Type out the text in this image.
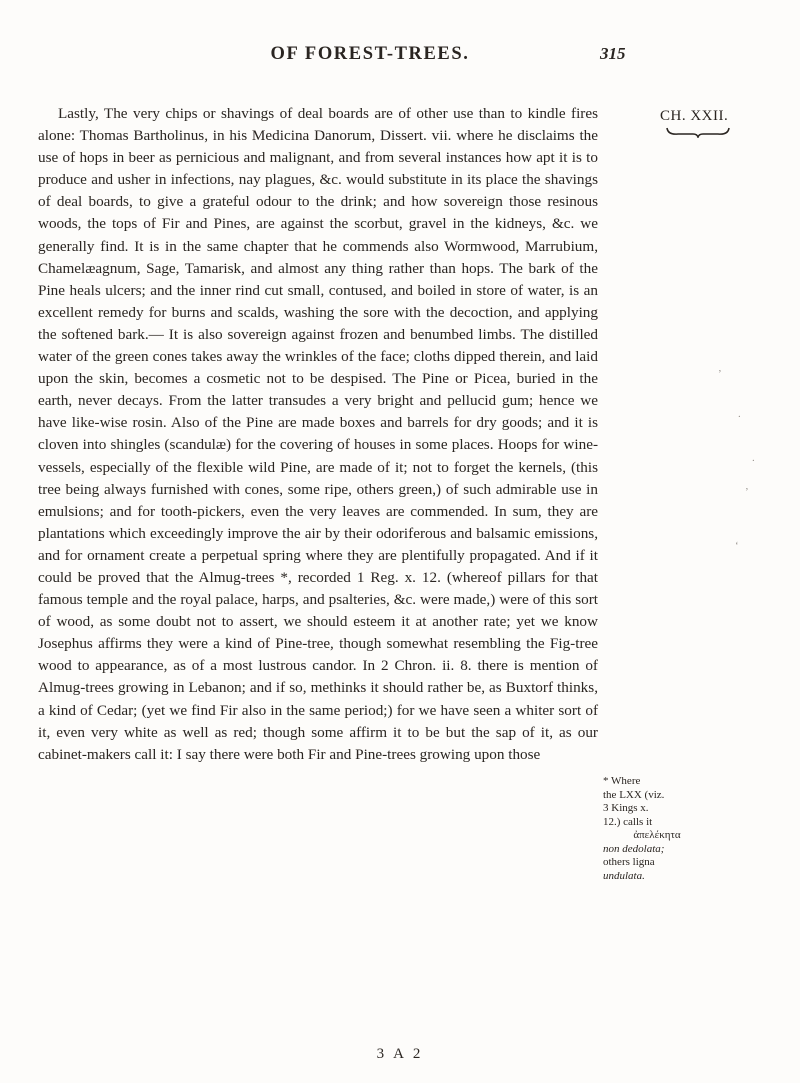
OF FOREST-TREES.	315
CH. XXII.

Lastly, The very chips or shavings of deal boards are of other use than to kindle fires alone: Thomas Bartholinus, in his Medicina Danorum, Dissert. vii. where he disclaims the use of hops in beer as pernicious and malignant, and from several instances how apt it is to produce and usher in infections, nay plagues, &c. would substitute in its place the shavings of deal boards, to give a grateful odour to the drink; and how sovereign those resinous woods, the tops of Fir and Pines, are against the scorbut, gravel in the kidneys, &c. we generally find. It is in the same chapter that he commends also Wormwood, Marrubium, Chamelæagnum, Sage, Tamarisk, and almost any thing rather than hops. The bark of the Pine heals ulcers; and the inner rind cut small, contused, and boiled in store of water, is an excellent remedy for burns and scalds, washing the sore with the decoction, and applying the softened bark.— It is also sovereign against frozen and benumbed limbs. The distilled water of the green cones takes away the wrinkles of the face; cloths dipped therein, and laid upon the skin, becomes a cosmetic not to be despised. The Pine or Picea, buried in the earth, never decays. From the latter transudes a very bright and pellucid gum; hence we have like-wise rosin. Also of the Pine are made boxes and barrels for dry goods; and it is cloven into shingles (scandulæ) for the covering of houses in some places. Hoops for wine-vessels, especially of the flexible wild Pine, are made of it; not to forget the kernels, (this tree being always furnished with cones, some ripe, others green,) of such admirable use in emulsions; and for tooth-pickers, even the very leaves are commended. In sum, they are plantations which exceedingly improve the air by their odoriferous and balsamic emissions, and for ornament create a perpetual spring where they are plentifully propagated. And if it could be proved that the Almug-trees *, recorded 1 Reg. x. 12. (whereof pillars for that famous temple and the royal palace, harps, and psalteries, &c. were made,) were of this sort of wood, as some doubt not to assert, we should esteem it at another rate; yet we know Josephus affirms they were a kind of Pine-tree, though somewhat resembling the Fig-tree wood to appearance, as of a most lustrous candor. In 2 Chron. ii. 8. there is mention of Almug-trees growing in Lebanon; and if so, methinks it should rather be, as Buxtorf thinks, a kind of Cedar; (yet we find Fir also in the same period;) for we have seen a whiter sort of it, even very white as well as red; though some affirm it to be but the sap of it, as our cabinet-makers call it: I say there were both Fir and Pine-trees growing upon those

* Where
the LXX (viz.
3 Kings x.
12.) calls it
ἀπελέκητα
non dedolata;
others ligna
undulata.
3 A 2
’
.
.
’
‘
